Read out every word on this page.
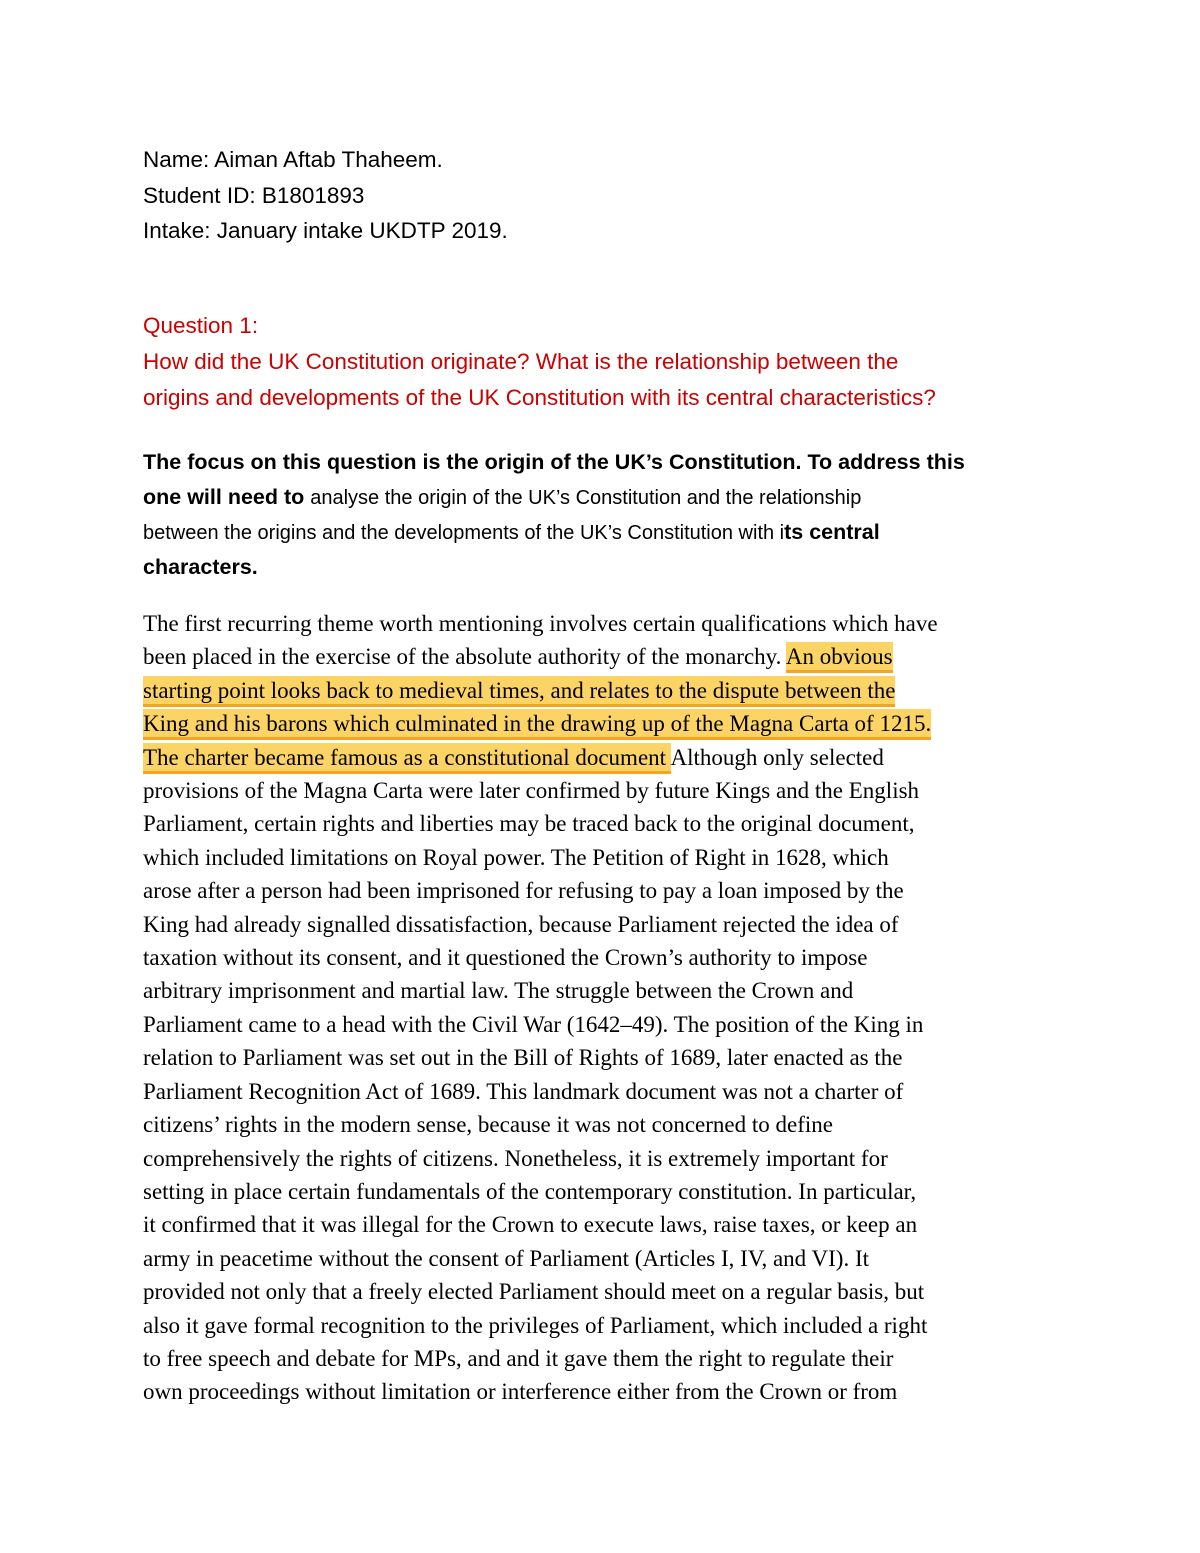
Name: Aiman Aftab Thaheem.
Student ID: B1801893
Intake: January intake UKDTP 2019.
Question 1:
How did the UK Constitution originate? What is the relationship between the
origins and developments of the UK Constitution with its central characteristics?
The focus on this question is the origin of the UK’s Constitution. To address this
one will need to analyse the origin of the UK’s Constitution and the relationship
between the origins and the developments of the UK’s Constitution with its central
characters.
The first recurring theme worth mentioning involves certain qualifications which have
been placed in the exercise of the absolute authority of the monarchy. An obvious
starting point looks back to medieval times, and relates to the dispute between the
King and his barons which culminated in the drawing up of the Magna Carta of 1215.
The charter became famous as a constitutional document Although only selected
provisions of the Magna Carta were later confirmed by future Kings and the English
Parliament, certain rights and liberties may be traced back to the original document,
which included limitations on Royal power. The Petition of Right in 1628, which
arose after a person had been imprisoned for refusing to pay a loan imposed by the
King had already signalled dissatisfaction, because Parliament rejected the idea of
taxation without its consent, and it questioned the Crown’s authority to impose
arbitrary imprisonment and martial law. The struggle between the Crown and
Parliament came to a head with the Civil War (1642–49). The position of the King in
relation to Parliament was set out in the Bill of Rights of 1689, later enacted as the
Parliament Recognition Act of 1689. This landmark document was not a charter of
citizens’ rights in the modern sense, because it was not concerned to define
comprehensively the rights of citizens. Nonetheless, it is extremely important for
setting in place certain fundamentals of the contemporary constitution. In particular,
it confirmed that it was illegal for the Crown to execute laws, raise taxes, or keep an
army in peacetime without the consent of Parliament (Articles I, IV, and VI). It
provided not only that a freely elected Parliament should meet on a regular basis, but
also it gave formal recognition to the privileges of Parliament, which included a right
to free speech and debate for MPs, and and it gave them the right to regulate their
own proceedings without limitation or interference either from the Crown or from
